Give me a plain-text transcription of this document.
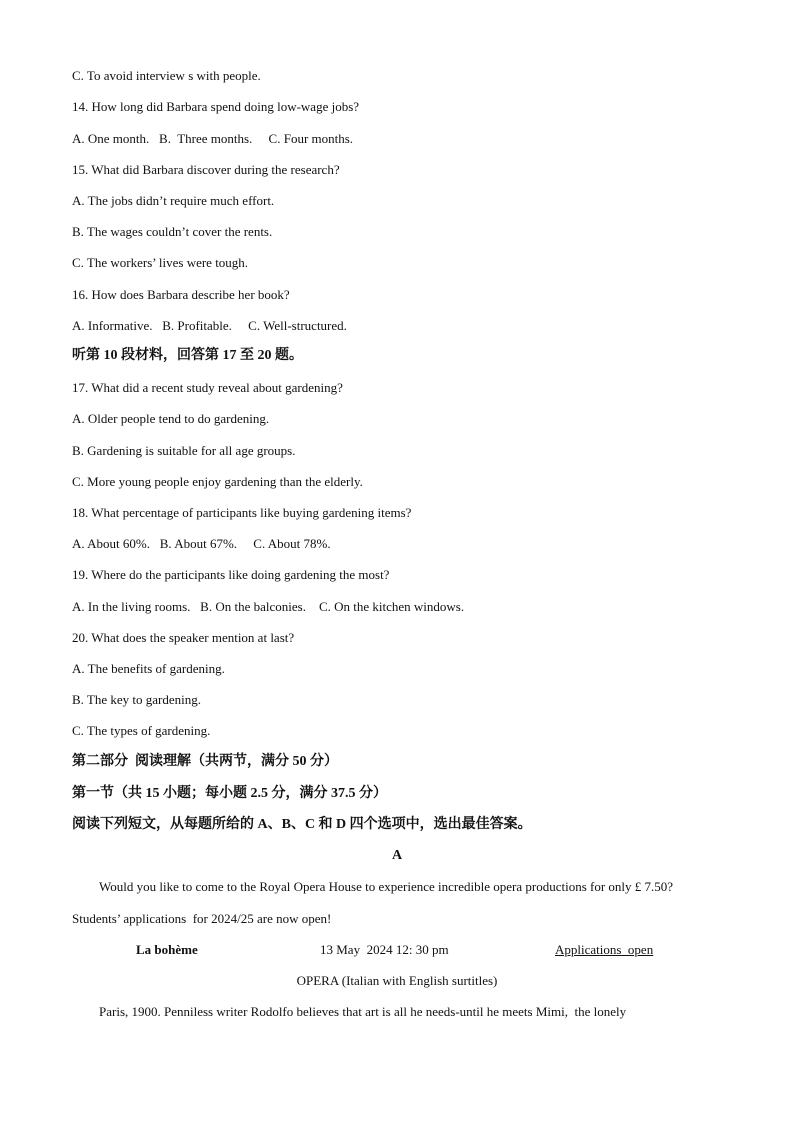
C. To avoid interview s with people.
14. How long did Barbara spend doing low-wage jobs?
A. One month.   B.  Three months.     C. Four months.
15. What did Barbara discover during the research?
A. The jobs didn’t require much effort.
B. The wages couldn’t cover the rents.
C. The workers’ lives were tough.
16. How does Barbara describe her book?
A. Informative.   B. Profitable.     C. Well-structured.
听第 10 段材料，回答第 17 至 20 题。
17. What did a recent study reveal about gardening?
A. Older people tend to do gardening.
B. Gardening is suitable for all age groups.
C. More young people enjoy gardening than the elderly.
18. What percentage of participants like buying gardening items?
A. About 60%.   B. About 67%.     C. About 78%.
19. Where do the participants like doing gardening the most?
A. In the living rooms.   B. On the balconies.    C. On the kitchen windows.
20. What does the speaker mention at last?
A. The benefits of gardening.
B. The key to gardening.
C. The types of gardening.
第二部分  阅读理解（共两节，满分 50 分）
第一节（共 15 小题；每小题 2.5 分，满分 37.5 分）
阅读下列短文，从每题所给的 A、B、C 和 D 四个选项中，选出最佳答案。
A
Would you like to come to the Royal Opera House to experience incredible opera productions for only £ 7.50?
Students’ applications  for 2024/25 are now open!
La bohème	13 May  2024 12: 30 pm	Applications  open
OPERA (Italian with English surtitles)
Paris, 1900. Penniless writer Rodolfo believes that art is all he needs-until he meets Mimi,  the lonely
